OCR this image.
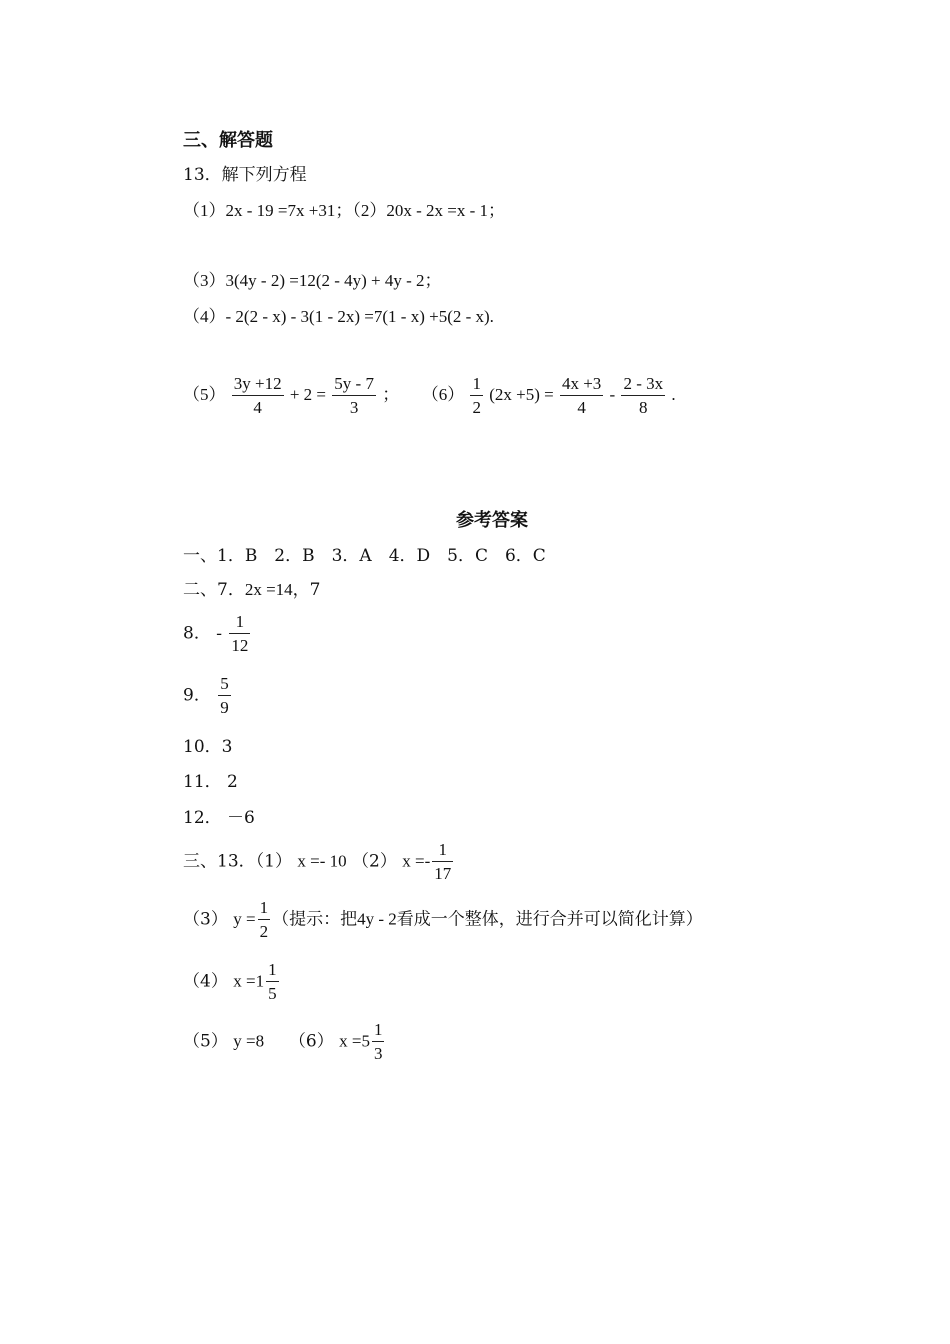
三、解答题
13．解下列方程
（1）2x - 19 =7x +31；（2）20x - 2x =x - 1；
（3）3(4y - 2) =12(2 - 4y) + 4y - 2；
（4）- 2(2 - x) - 3(1 - 2x) =7(1 - x) +5(2 - x).
$(5) \frac{3y +12}{4} + 2 = \frac{5y - 7}{3}$ ； $(6) \frac{1}{2} (2x +5) = \frac{4x +3}{4} - \frac{2 - 3x}{8}$ .
参考答案
一、1．B　2．B　3．A　4．D　5．C　6．C
二、7．2x =14，7
8． - $\frac{1}{12}$
9． $\frac{5}{9}$
10．3
11． 2
12． －6
三、13．（1） x =- 10 （2） $x =- \frac{1}{17}$
（3） $y = \frac{1}{2}$ （提示：把4y - 2看成一个整体，进行合并可以简化计算）
（4） $x =1 \frac{1}{5}$
（5） y =8 （6） $x =5 \frac{1}{3}$
